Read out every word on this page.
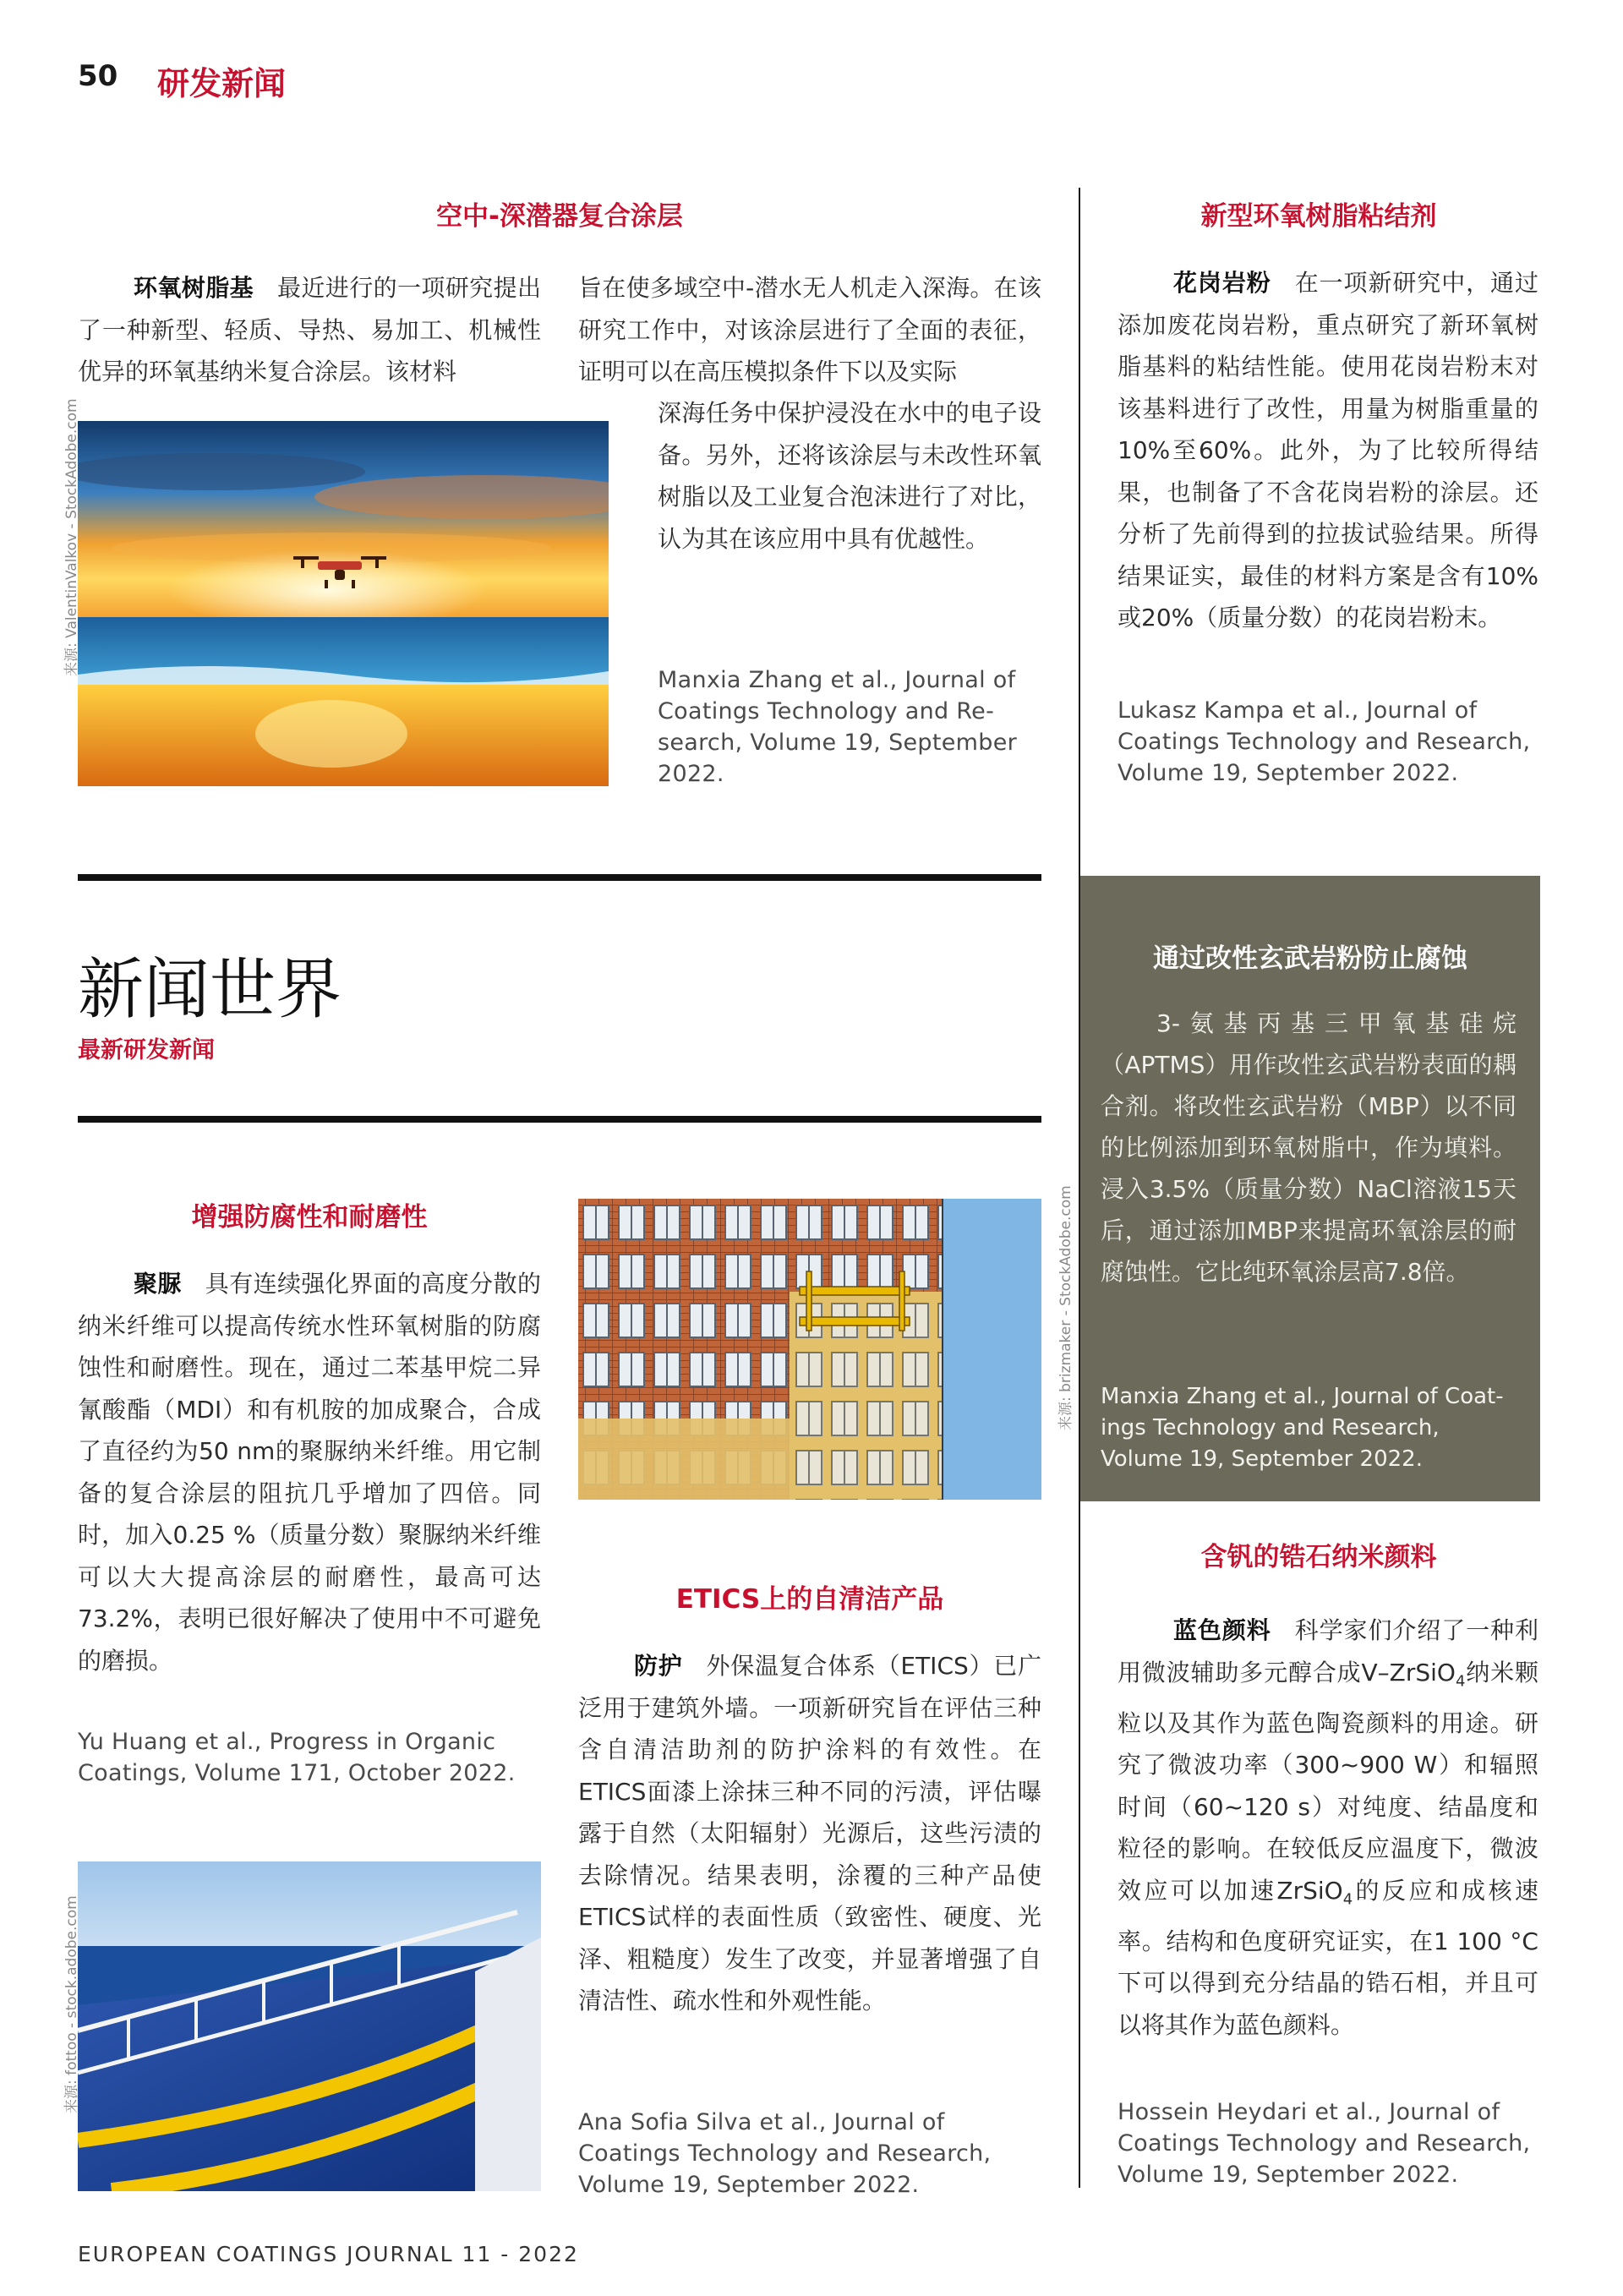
50 研发新闻
空中-深潜器复合涂层
环氧树脂基 最近进行的一项研究提出了一种新型、轻质、导热、易加工、机械性优异的环氧基纳米复合涂层。该材料
旨在使多域空中-潜水无人机走入深海。在该研究工作中，对该涂层进行了全面的表征，证明可以在高压模拟条件下以及实际
深海任务中保护浸没在水中的电子设备。另外，还将该涂层与未改性环氧树脂以及工业复合泡沫进行了对比，认为其在该应用中具有优越性。
Manxia Zhang et al., Journal of Coatings Technology and Re-search, Volume 19, September 2022.
来源: ValentinValkov - StockAdobe.com
新型环氧树脂粘结剂
花岗岩粉 在一项新研究中，通过添加废花岗岩粉，重点研究了新环氧树脂基料的粘结性能。使用花岗岩粉末对该基料进行了改性，用量为树脂重量的10%至60%。此外，为了比较所得结果，也制备了不含花岗岩粉的涂层。还分析了先前得到的拉拔试验结果。所得结果证实，最佳的材料方案是含有10%或20%（质量分数）的花岗岩粉末。
Lukasz Kampa et al., Journal of Coatings Technology and Research, Volume 19, September 2022.
新闻世界
最新研发新闻
通过改性玄武岩粉防止腐蚀
3-氨基丙基三甲氧基硅烷（APTMS）用作改性玄武岩粉表面的耦合剂。将改性玄武岩粉（MBP）以不同的比例添加到环氧树脂中，作为填料。浸入3.5%（质量分数）NaCl溶液15天后，通过添加MBP来提高环氧涂层的耐腐蚀性。它比纯环氧涂层高7.8倍。
Manxia Zhang et al., Journal of Coat-ings Technology and Research, Volume 19, September 2022.
增强防腐性和耐磨性
聚脲 具有连续强化界面的高度分散的纳米纤维可以提高传统水性环氧树脂的防腐蚀性和耐磨性。现在，通过二苯基甲烷二异氰酸酯（MDI）和有机胺的加成聚合，合成了直径约为50 nm的聚脲纳米纤维。用它制备的复合涂层的阻抗几乎增加了四倍。同时，加入0.25 %（质量分数）聚脲纳米纤维可以大大提高涂层的耐磨性，最高可达73.2%，表明已很好解决了使用中不可避免的磨损。
Yu Huang et al., Progress in Organic Coatings, Volume 171, October 2022.
来源: brizmaker - StockAdobe.com
ETICS上的自清洁产品
防护 外保温复合体系（ETICS）已广泛用于建筑外墙。一项新研究旨在评估三种含自清洁助剂的防护涂料的有效性。在ETICS面漆上涂抹三种不同的污渍，评估曝露于自然（太阳辐射）光源后，这些污渍的去除情况。结果表明，涂覆的三种产品使ETICS试样的表面性质（致密性、硬度、光泽、粗糙度）发生了改变，并显著增强了自清洁性、疏水性和外观性能。
Ana Sofia Silva et al., Journal of Coatings Technology and Research, Volume 19, September 2022.
来源: fottoo - stock.adobe.com
含钒的锆石纳米颜料
蓝色颜料 科学家们介绍了一种利用微波辅助多元醇合成V–ZrSiO$_4$纳米颗粒以及其作为蓝色陶瓷颜料的用途。研究了微波功率（300~900 W）和辐照时间（60~120 s）对纯度、结晶度和粒径的影响。在较低反应温度下，微波效应可以加速ZrSiO$_4$的反应和成核速率。结构和色度研究证实，在1 100 °C下可以得到充分结晶的锆石相，并且可以将其作为蓝色颜料。
Hossein Heydari et al., Journal of Coatings Technology and Research, Volume 19, September 2022.
EUROPEAN COATINGS JOURNAL 11 - 2022
